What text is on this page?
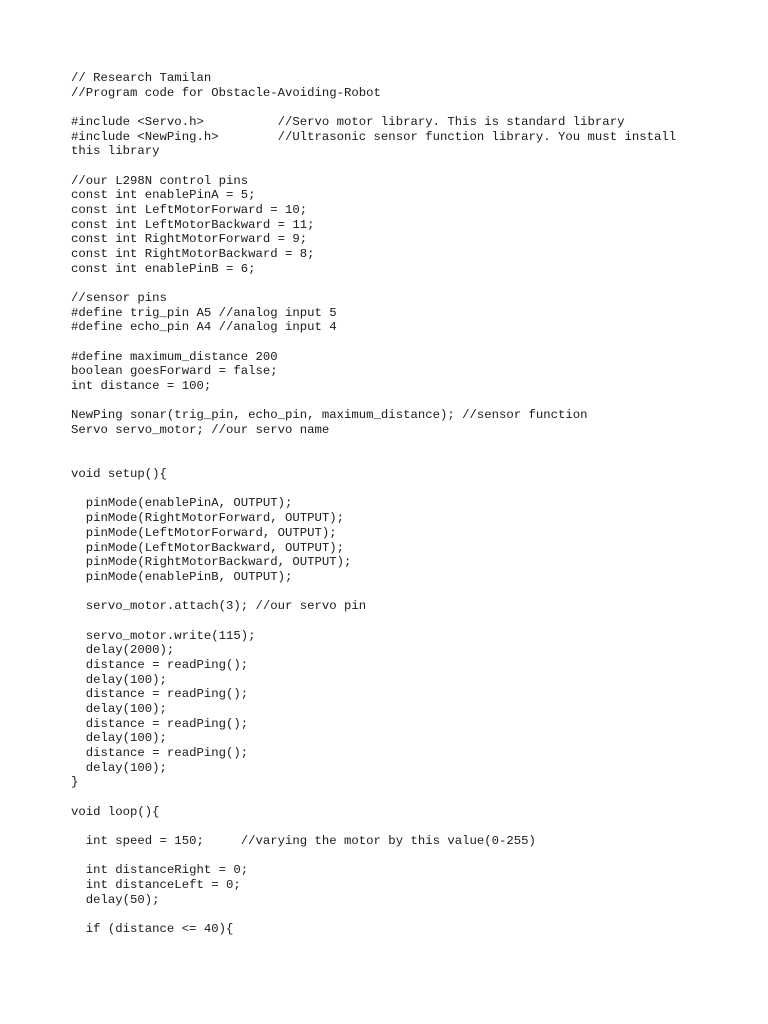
// Research Tamilan
//Program code for Obstacle-Avoiding-Robot

#include <Servo.h>          //Servo motor library. This is standard library
#include <NewPing.h>        //Ultrasonic sensor function library. You must install
this library

//our L298N control pins
const int enablePinA = 5;
const int LeftMotorForward = 10;
const int LeftMotorBackward = 11;
const int RightMotorForward = 9;
const int RightMotorBackward = 8;
const int enablePinB = 6;

//sensor pins
#define trig_pin A5 //analog input 5
#define echo_pin A4 //analog input 4

#define maximum_distance 200
boolean goesForward = false;
int distance = 100;

NewPing sonar(trig_pin, echo_pin, maximum_distance); //sensor function
Servo servo_motor; //our servo name

void setup(){

pinMode(enablePinA, OUTPUT);
pinMode(RightMotorForward, OUTPUT);
pinMode(LeftMotorForward, OUTPUT);
pinMode(LeftMotorBackward, OUTPUT);
pinMode(RightMotorBackward, OUTPUT);
pinMode(enablePinB, OUTPUT);

servo_motor.attach(3); //our servo pin

servo_motor.write(115);
delay(2000);
distance = readPing();
delay(100);
distance = readPing();
delay(100);
distance = readPing();
delay(100);
distance = readPing();
delay(100);
}

void loop(){

int speed = 150;     //varying the motor by this value(0-255)

int distanceRight = 0;
int distanceLeft = 0;
delay(50);

if (distance <= 40){
